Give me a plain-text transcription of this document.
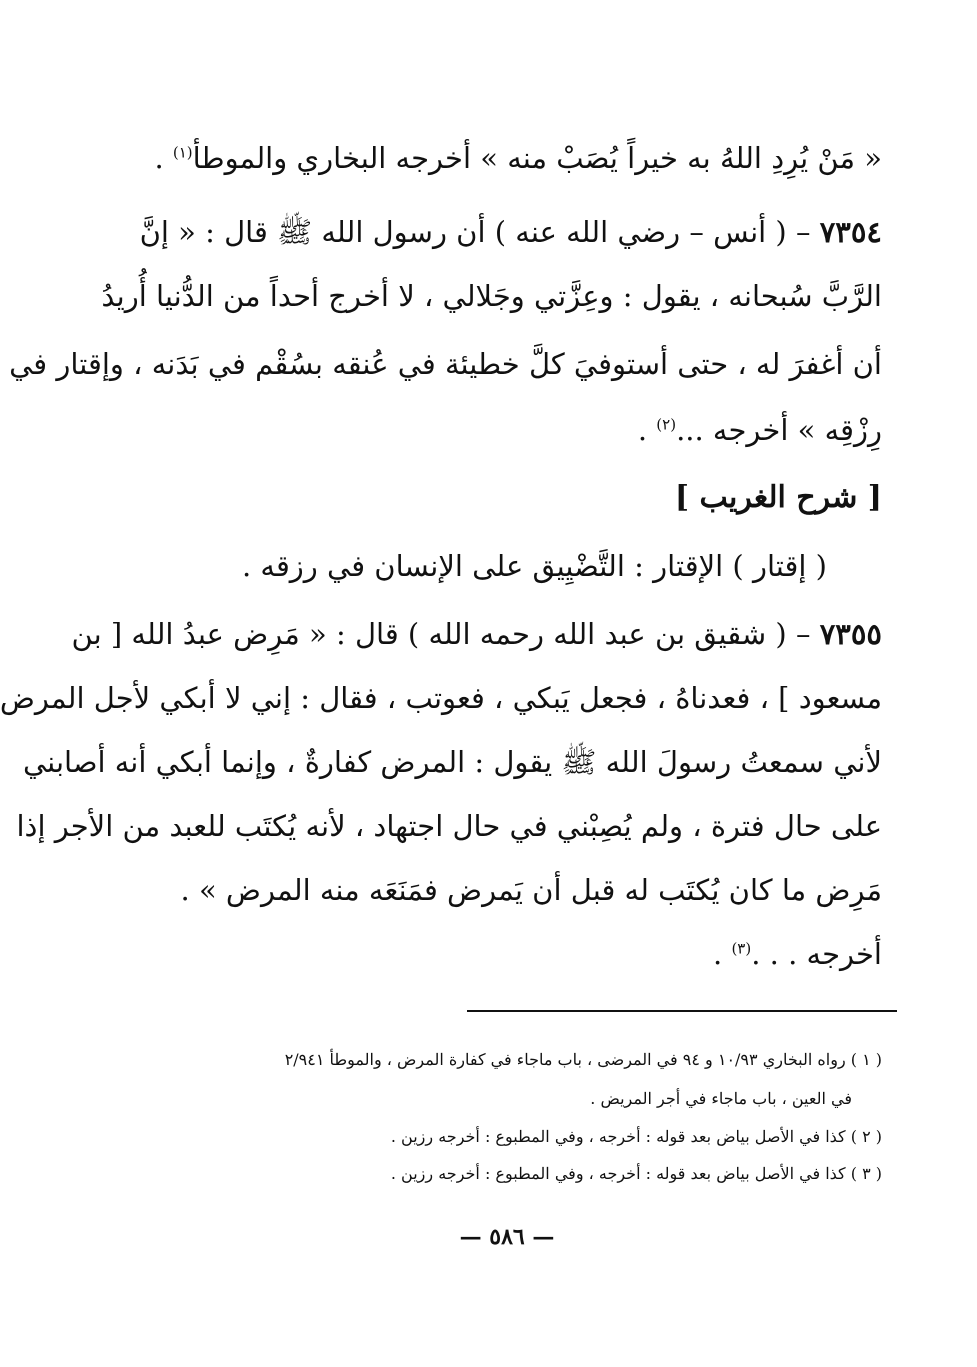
« مَنْ يُرِدِ اللهُ به خيراً يُصَبْ منه » أخرجه البخاري والموطأ$^{(١)}$ .
٧٣٥٤ – ( أنس – رضي الله عنه ) أن رسول الله ﷺ قال : « إنَّ
الرَّبَّ سُبحانه ، يقول : وعِزَّتي وجَلالي ، لا أخرج أحداً من الدُّنيا أُريدُ
أن أغفرَ له ، حتى أستوفيَ كلَّ خطيئة في عُنقه بسُقْم في بَدَنه ، وإقتار في
رِزْقِه » أخرجه ...$^{(٢)}$ .
[ شرح الغريب ]
( إقتار ) الإقتار : التَّضْيِيق على الإنسان في رزقه .
٧٣٥٥ – ( شقيق بن عبد الله رحمه الله ) قال : « مَرِض عبدُ الله [ بن
مسعود ] ، فعدناهُ ، فجعل يَبكي ، فعوتب ، فقال : إني لا أبكي لأجل المرض
لأني سمعتُ رسولَ الله ﷺ يقول : المرض كفارةٌ ، وإنما أبكي أنه أصابني
على حال فترة ، ولم يُصِبْني في حال اجتهاد ، لأنه يُكتَب للعبد من الأجر إذا
مَرِض ما كان يُكتَب له قبل أن يَمرض فمَنَعَه منه المرض » .
أخرجه . . .$^{(٣)}$ .
( ١ ) رواه البخاري ١٠/٩٣ و ٩٤ في المرضى ، باب ماجاء في كفارة المرض ، والموطأ ٢/٩٤١
في العين ، باب ماجاء في أجر المريض .
( ٢ ) كذا في الأصل بياض بعد قوله : أخرجه ، وفي المطبوع : أخرجه رزين .
( ٣ ) كذا في الأصل بياض بعد قوله : أخرجه ، وفي المطبوع : أخرجه رزين .
— ٥٨٦ —
